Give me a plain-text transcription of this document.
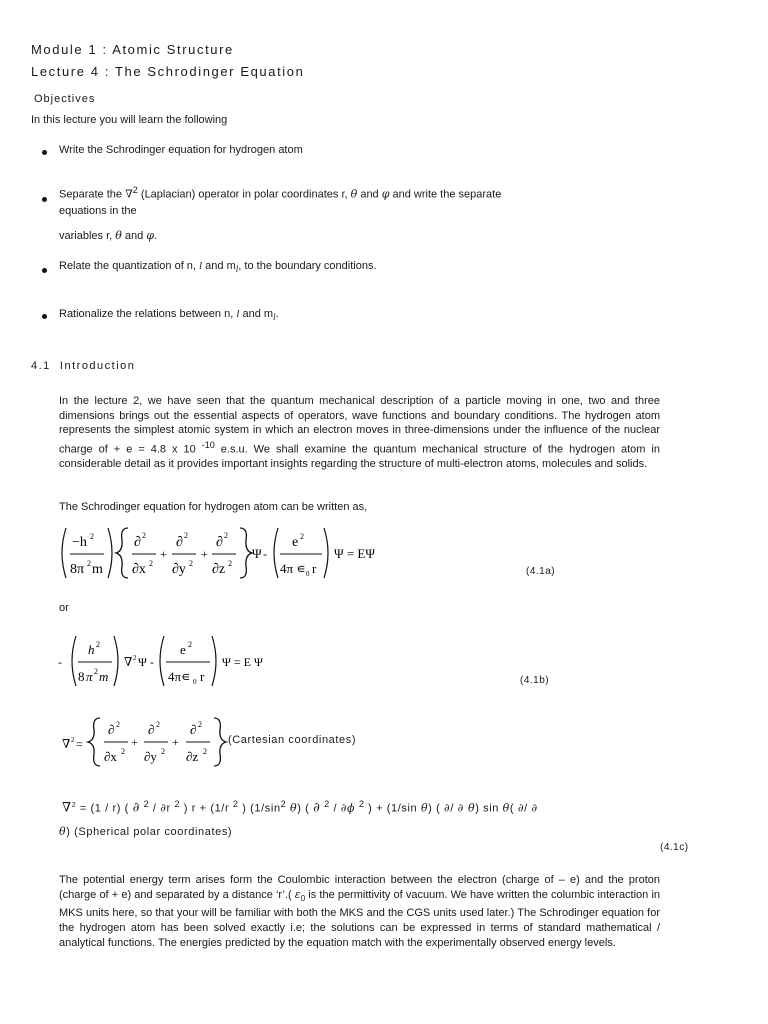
Module 1 : Atomic Structure
Lecture 4 : The Schrodinger Equation
Objectives
In this lecture you will learn the following
Write the Schrodinger equation for hydrogen atom
Separate the ∇$^2$ (Laplacian) operator in polar coordinates r, θ and φ and write the separate
equations in the
variables r, θ and φ.
Relate the quantization of n, l and $m_l$, to the boundary conditions.
Rationalize the relations between n, l and $m_l$.
4.1 Introduction
In the lecture 2, we have seen that the quantum mechanical description of a particle moving in one, two and three dimensions brings out the essential aspects of operators, wave functions and boundary conditions. The hydrogen atom represents the simplest atomic system in which an electron moves in three-dimensions under the influence of the nuclear charge of + e = 4.8 x 10 $^{-10}$ e.s.u. We shall examine the quantum mechanical structure of the hydrogen atom in considerable detail as it provides important insights regarding the structure of multi-electron atoms, molecules and solids.
The Schrodinger equation for hydrogen atom can be written as,
−h 2
8π 2 m
∂ 2
∂x 2
+
∂ 2
∂y 2
+
∂ 2
∂z 2
Ψ -
e 2
4π ∊ 0 r
Ψ = EΨ
(4.1a)
or
-
h 2
8 π 2 m
∇ 2 Ψ -
e 2
4π∊ 0 r
Ψ = E Ψ
(4.1b)
∇ 2 =
∂ 2
∂x 2
+
∂ 2
∂y 2
+
∂ 2
∂z 2
(Cartesian coordinates)
∇$^2$ = (1 / r) ( ∂ $^2$ / ∂r $^2$ ) r + (1/r $^2$ ) ($1/\sin^2$ θ) ( ∂ $^2$ / ∂ϕ $^2$ ) + (1/sin θ) ( ∂/ ∂ θ) sin θ( ∂/ ∂
θ) (Spherical polar coordinates)
(4.1c)
The potential energy term arises form the Coulombic interaction between the electron (charge of – e) and the proton (charge of + e) and separated by a distance ‘r’.( $\varepsilon_0$ is the permittivity of vacuum. We have written the columbic interaction in MKS units here, so that your will be familiar with both the MKS and the CGS units used later.) The Schrodinger equation for the hydrogen atom has been solved exactly i.e; the solutions can be expressed in terms of standard mathematical / analytical functions. The energies predicted by the equation match with the experimentally observed energy levels.
